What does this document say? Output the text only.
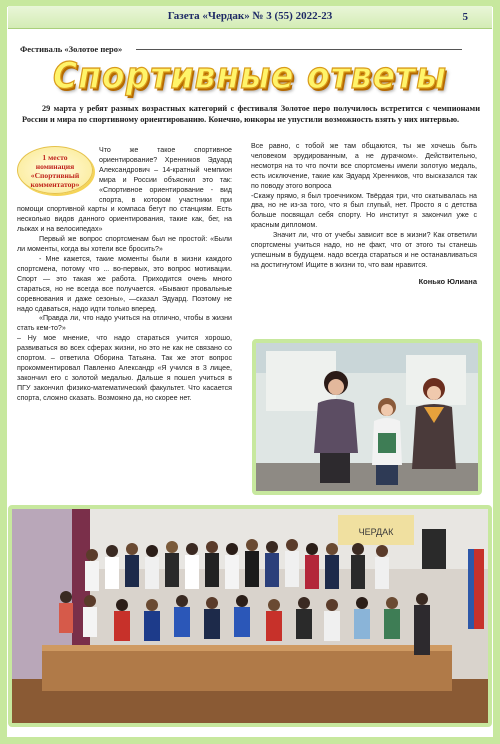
Газета «Чердак» № 3 (55) 2022-23	5
Фестиваль «Золотое перо»
Спортивные ответы
29 марта у ребят разных возрастных категорий с фестиваля Золотое перо получилось встретится с чемпионами России и мира по спортивному ориентированию. Конечно, юнкоры не упустили возможность взять у них интервью.
1 место
номинация
«Спортивный
комментатор»

Что же такое спортивное ориентирование? Хренников Эдуард Александрович – 14-кратный чемпион мира и России объяснил это так: «Спортивное ориентирование - вид спорта, в котором участники при помощи спортивной карты и компаса бегут по станциям. Есть несколько видов данного ориентирования, такие как, бег, на лыжах и на велосипедах»

Первый же вопрос спортсменам был не простой: «Были ли моменты, когда вы хотели все бросить?»

- Мне кажется, такие моменты были в жизни каждого спортсмена, потому что ... во-первых, это вопрос мотивации. Спорт — это такая же работа. Приходится очень много стараться, но не всегда все получается. «Бывают провальные соревнования и даже сезоны», —сказал Эдуард. Поэтому не надо сдаваться, надо идти только вперед.

«Правда ли, что надо учиться на отлично, чтобы в жизни стать кем-то?»

– Ну мое мнение, что надо стараться учится хорошо, развиваться во всех сферах жизни, но это не как не связано со спортом. – ответила Оборина Татьяна. Так же этот вопрос прокомментировал Павленко Александр «Я учился в 3 лицее, закончил его с золотой медалью. Дальше я пошел учиться в ПГУ закончил физико-математический факультет. Что касается спорта, сложно сказать. Возможно да, но скорее нет.

Все равно, с тобой же там общаются, ты же хочешь быть человеком эрудированным, а не дурачком». Действительно, несмотря на то что почти все спортсмены имели золотую медаль, есть исключение, такие как Эдуард Хренников, что высказался так по поводу этого вопроса

-Скажу прямо, я был троечником. Твёрдая три, что скатывалась на два, но не из-за того, что я был глупый, нет. Просто я с детства больше посвящал себя спорту. Но институт я закончил уже с красным дипломом.

Значит ли, что от учебы зависит все в жизни? Как ответили спортсмены учиться надо, но не факт, что от этого ты станешь успешным в будущем. надо всегда стараться и не останавливаться на достигнутом! Ищите в жизни то, что вам нравится.

Конько Юлиана

ЧЕРДАК
